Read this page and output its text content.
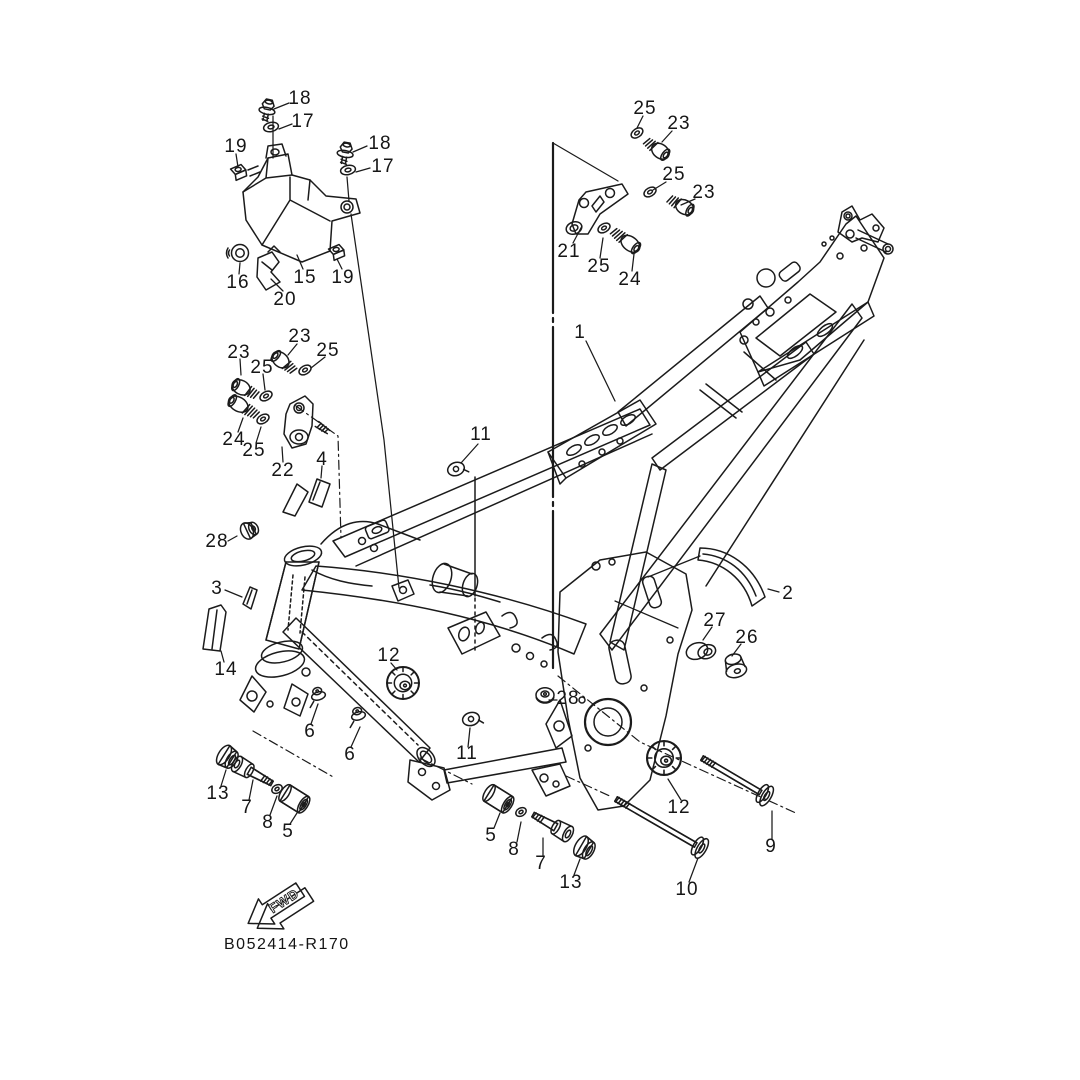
FWD
B052414-R170
18
17
19	18
17
16 15 19
20
25
23
25
23
21
25
24
1
23
23	25
25
24
25
22
4
11
28
3
14
2
27
26
12
28
6
6	11
12
13
7
8 5	5
8
7
13
9
10
